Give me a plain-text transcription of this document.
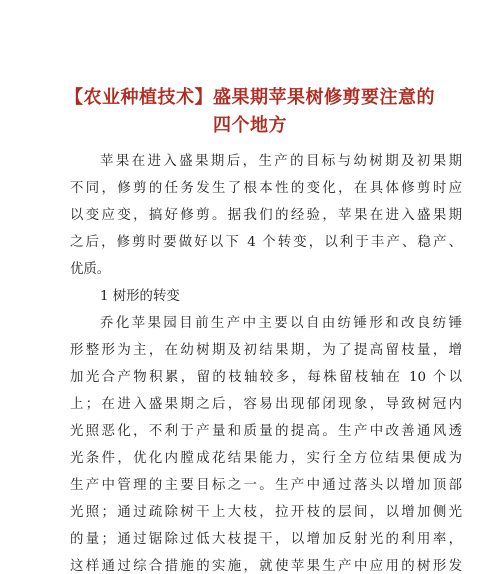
【农业种植技术】盛果期苹果树修剪要注意的
四个地方
苹果在进入盛果期后，生产的目标与幼树期及初果期
不同，修剪的任务发生了根本性的变化，在具体修剪时应
以变应变，搞好修剪。据我们的经验，苹果在进入盛果期
之后，修剪时要做好以下 4 个转变，以利于丰产、稳产、
优质。
1 树形的转变
乔化苹果园目前生产中主要以自由纺锤形和改良纺锤
形整形为主，在幼树期及初结果期，为了提高留枝量，增
加光合产物积累，留的枝轴较多，每株留枝轴在 10 个以
上；在进入盛果期之后，容易出现郁闭现象，导致树冠内
光照恶化，不利于产量和质量的提高。生产中改善通风透
光条件，优化内膛成花结果能力，实行全方位结果便成为
生产中管理的主要目标之一。生产中通过落头以增加顶部
光照；通过疏除树干上大枝，拉开枝的层间，以增加侧光
的量；通过锯除过低大枝提干，以增加反射光的利用率，
这样通过综合措施的实施，就使苹果生产中应用的树形发
